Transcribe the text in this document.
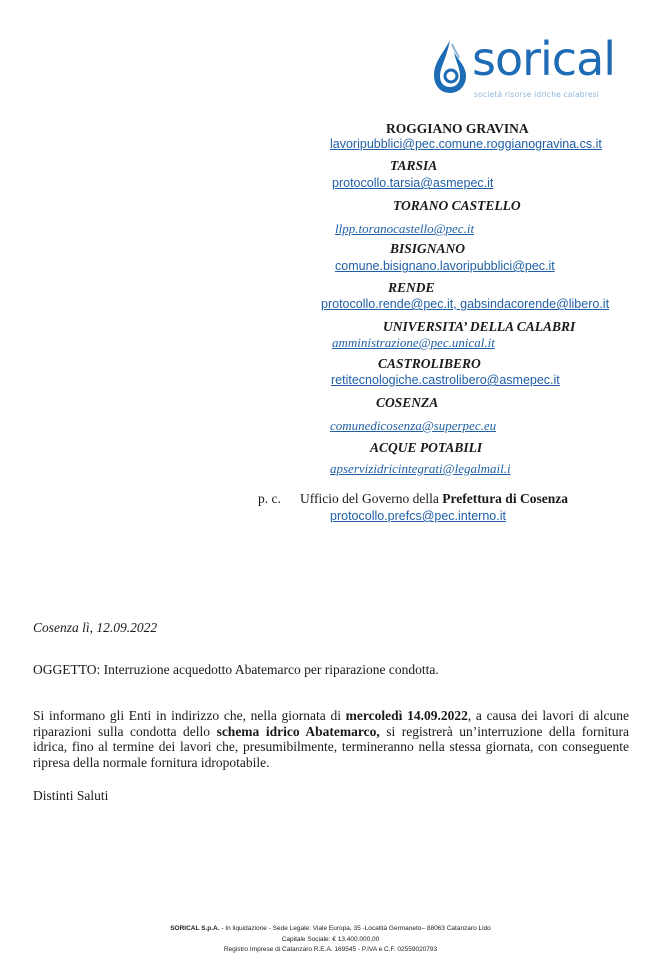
sorical
società risorse idriche calabresi
ROGGIANO GRAVINA
lavoripubblici@pec.comune.roggianogravina.cs.it
TARSIA
protocollo.tarsia@asmepec.it
TORANO CASTELLO
llpp.toranocastello@pec.it
BISIGNANO
comune.bisignano.lavoripubblici@pec.it
RENDE
protocollo.rende@pec.it, gabsindacorende@libero.it
UNIVERSITA’ DELLA CALABRI
amministrazione@pec.unical.it
CASTROLIBERO
retitecnologiche.castrolibero@asmepec.it
COSENZA
comunedicosenza@superpec.eu
ACQUE POTABILI
apservizidricintegrati@legalmail.i
p. c. Ufficio del Governo della Prefettura di Cosenza
protocollo.prefcs@pec.interno.it
Cosenza lì, 12.09.2022
OGGETTO: Interruzione acquedotto Abatemarco per riparazione condotta.
Si informano gli Enti in indirizzo che, nella giornata di mercoledì 14.09.2022, a causa dei lavori di alcune riparazioni sulla condotta dello schema idrico Abatemarco, si registrerà un’interruzione della fornitura idrica, fino al termine dei lavori che, presumibilmente, termineranno nella stessa giornata, con conseguente ripresa della normale fornitura idropotabile.
Distinti Saluti
SORICAL S.p.A. - In liquidazione - Sede Legale: Viale Europa, 35 -Località Germaneto– 88063 Catanzaro Lido
Capitale Sociale: € 13.400.000,00
Registro Imprese di Catanzaro R.E.A. 169545 - P.IVA e C.F. 02559020793
